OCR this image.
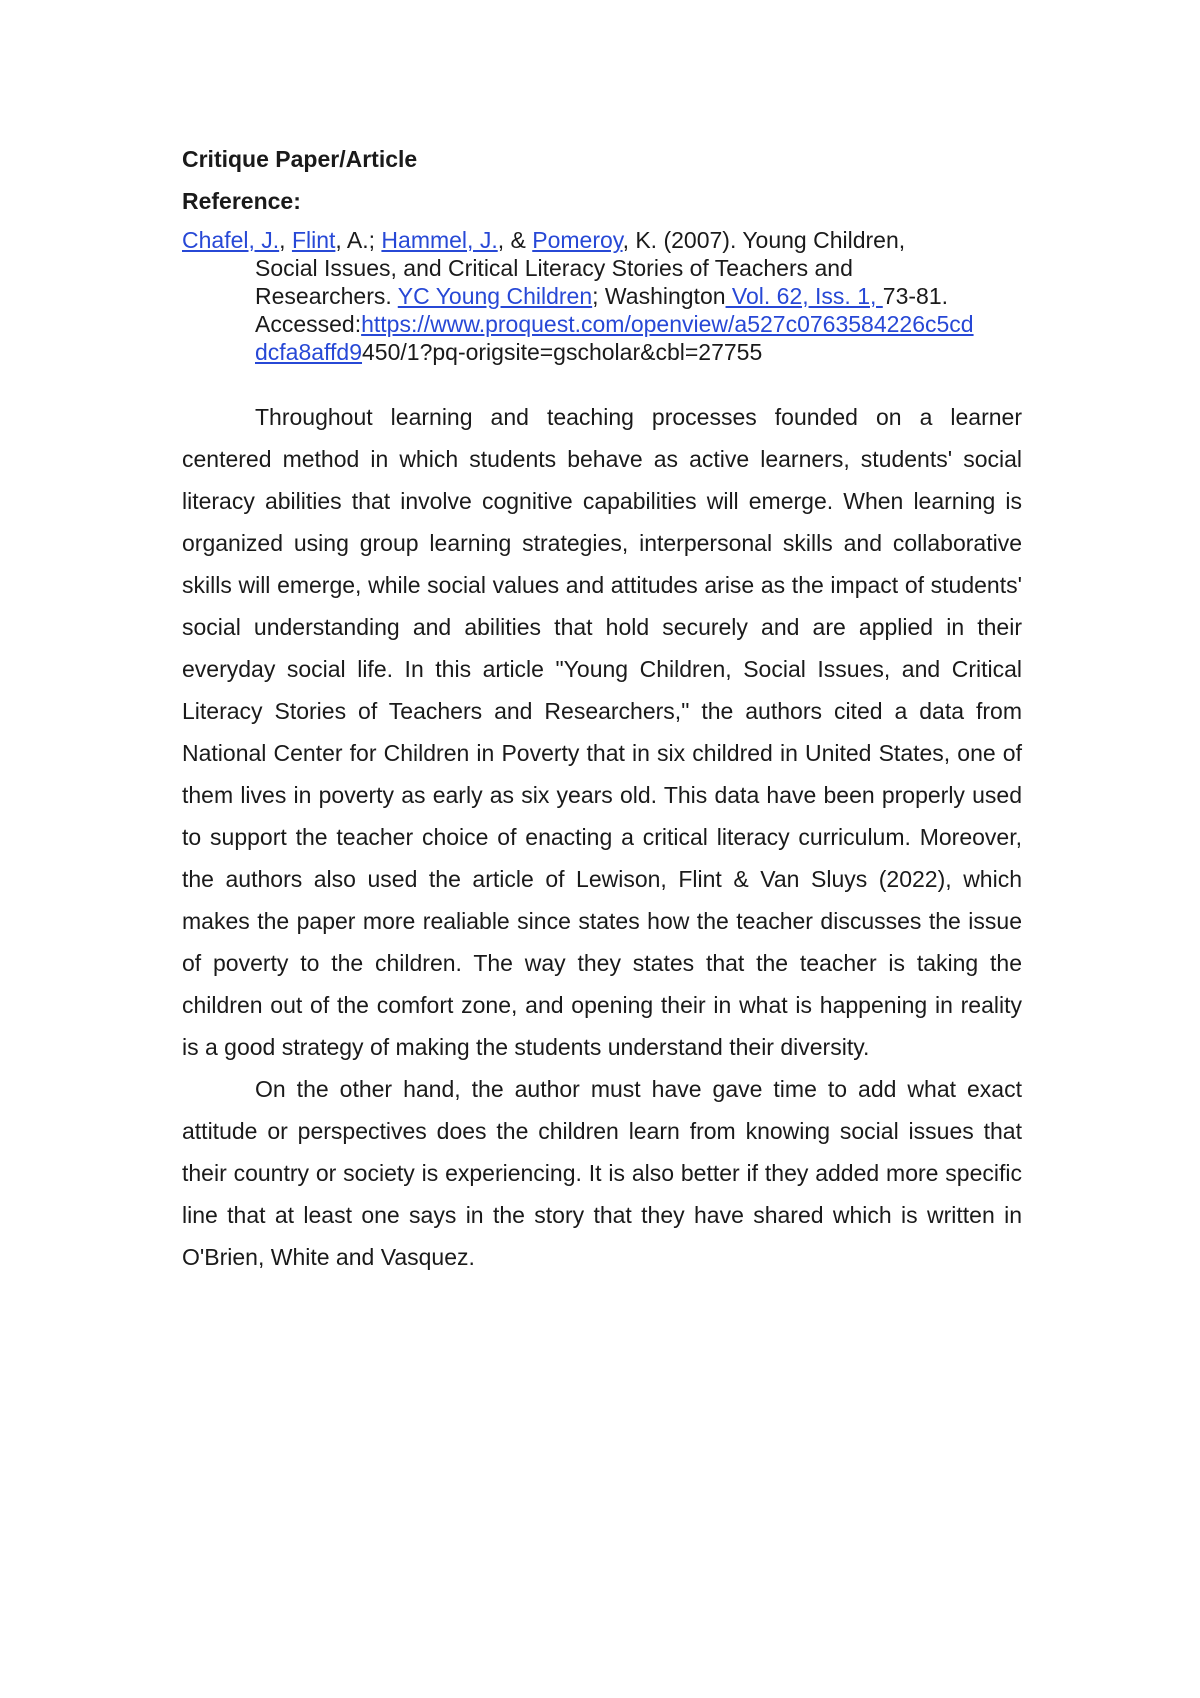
Critique Paper/Article

Reference:

Chafel, J., Flint, A.; Hammel, J., & Pomeroy, K. (2007). Young Children,
Social Issues, and Critical Literacy Stories of Teachers and
Researchers. YC Young Children; Washington Vol. 62, Iss. 1, 73-81.
Accessed:https://www.proquest.com/openview/a527c0763584226c5cd
dcfa8affd9450/1?pq-origsite=gscholar&cbl=27755

Throughout learning and teaching processes founded on a learner centered method in which students behave as active learners, students' social literacy abilities that involve cognitive capabilities will emerge. When learning is organized using group learning strategies, interpersonal skills and collaborative skills will emerge, while social values and attitudes arise as the impact of students' social understanding and abilities that hold securely and are applied in their everyday social life. In this article "Young Children, Social Issues, and Critical Literacy Stories of Teachers and Researchers," the authors cited a data from National Center for Children in Poverty that in six childred in United States, one of them lives in poverty as early as six years old. This data have been properly used to support the teacher choice of enacting a critical literacy curriculum. Moreover, the authors also used the article of Lewison, Flint & Van Sluys (2022), which makes the paper more realiable since states how the teacher discusses the issue of poverty to the children. The way they states that the teacher is taking the children out of the comfort zone, and opening their in what is happening in reality is a good strategy of making the students understand their diversity.

On the other hand, the author must have gave time to add what exact attitude or perspectives does the children learn from knowing social issues that their country or society is experiencing. It is also better if they added more specific line that at least one says in the story that they have shared which is written in O'Brien, White and Vasquez.
